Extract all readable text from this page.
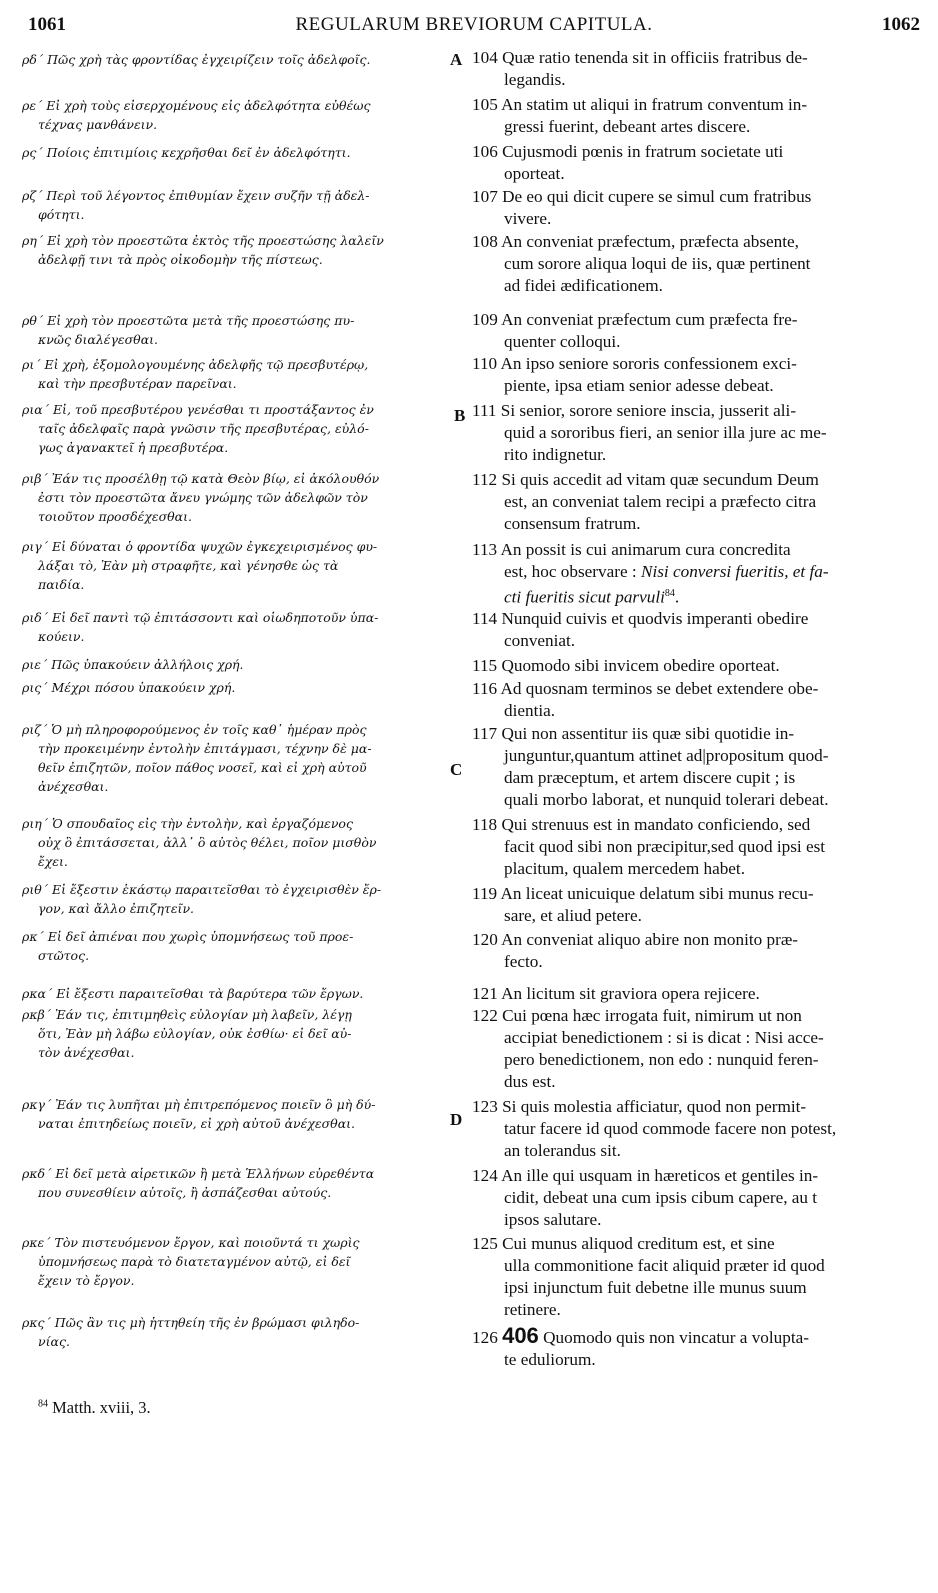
1061	REGULARUM BREVIORUM CAPITULA.	1062
ρδ´ Πῶς χρὴ τὰς φροντίδας ἐγχειρίζειν τοῖς ἀδελφοῖς.
ρε´ Εἰ χρὴ τοὺς εἰσερχομένους εἰς ἀδελφότητα εὐθέως
τέχνας μανθάνειν.
ρς´ Ποίοις ἐπιτιμίοις κεχρῆσθαι δεῖ ἐν ἀδελφότητι.
ρζ´ Περὶ τοῦ λέγοντος ἐπιθυμίαν ἔχειν συζῆν τῇ ἀδελ-
φότητι.
ρη´ Εἰ χρὴ τὸν προεστῶτα ἐκτὸς τῆς προεστώσης λαλεῖν
ἀδελφῇ τινι τὰ πρὸς οἰκοδομὴν τῆς πίστεως.
ρθ´ Εἰ χρὴ τὸν προεστῶτα μετὰ τῆς προεστώσης πυ-
κνῶς διαλέγεσθαι.
ρι´ Εἰ χρὴ, ἐξομολογουμένης ἀδελφῆς τῷ πρεσβυτέρῳ,
καὶ τὴν πρεσβυτέραν παρεῖναι.
ρια´ Εἰ, τοῦ πρεσβυτέρου γενέσθαι τι προστάξαντος ἐν
ταῖς ἀδελφαῖς παρὰ γνῶσιν τῆς πρεσβυτέρας, εὐλό-
γως ἀγανακτεῖ ἡ πρεσβυτέρα.
ριβ´ Ἐάν τις προσέλθῃ τῷ κατὰ Θεὸν βίῳ, εἰ ἀκόλουθόν
ἐστι τὸν προεστῶτα ἄνευ γνώμης τῶν ἀδελφῶν τὸν
τοιοῦτον προσδέχεσθαι.
ριγ´ Εἰ δύναται ὁ φροντίδα ψυχῶν ἐγκεχειρισμένος φυ-
λάξαι τὸ, Ἐὰν μὴ στραφῆτε, καὶ γένησθε ὡς τὰ
παιδία.
ριδ´ Εἰ δεῖ παντὶ τῷ ἐπιτάσσοντι καὶ οἱωδηποτοῦν ὑπα-
κούειν.
ριε´ Πῶς ὑπακούειν ἀλλήλοις χρή.
ρις´ Μέχρι πόσου ὑπακούειν χρή.
ριζ´ Ὁ μὴ πληροφορούμενος ἐν τοῖς καθ᾽ ἡμέραν πρὸς
τὴν προκειμένην ἐντολὴν ἐπιτάγμασι, τέχνην δὲ μα-
θεῖν ἐπιζητῶν, ποῖον πάθος νοσεῖ, καὶ εἰ χρὴ αὐτοῦ
ἀνέχεσθαι.
ριη´ Ὁ σπουδαῖος εἰς τὴν ἐντολὴν, καὶ ἐργαζόμενος
οὐχ ὃ ἐπιτάσσεται, ἀλλ᾽ ὃ αὐτὸς θέλει, ποῖον μισθὸν
ἔχει.
ριθ´ Εἰ ἔξεστιν ἑκάστῳ παραιτεῖσθαι τὸ ἐγχειρισθὲν ἔρ-
γον, καὶ ἄλλο ἐπιζητεῖν.
ρκ´ Εἰ δεῖ ἀπιέναι που χωρὶς ὑπομνήσεως τοῦ προε-
στῶτος.
ρκα´ Εἰ ἔξεστι παραιτεῖσθαι τὰ βαρύτερα τῶν ἔργων.
ρκβ´ Ἐάν τις, ἐπιτιμηθεὶς εὐλογίαν μὴ λαβεῖν, λέγῃ
ὅτι, Ἐὰν μὴ λάβω εὐλογίαν, οὐκ ἐσθίω· εἰ δεῖ αὐ-
τὸν ἀνέχεσθαι.
ρκγ´ Ἐάν τις λυπῆται μὴ ἐπιτρεπόμενος ποιεῖν ὃ μὴ δύ-
ναται ἐπιτηδείως ποιεῖν, εἰ χρὴ αὐτοῦ ἀνέχεσθαι.
ρκδ´ Εἰ δεῖ μετὰ αἱρετικῶν ἢ μετὰ Ἑλλήνων εὑρεθέντα
που συνεσθίειν αὐτοῖς, ἢ ἀσπάζεσθαι αὐτούς.
ρκε´ Τὸν πιστευόμενον ἔργον, καὶ ποιοῦντά τι χωρὶς
ὑπομνήσεως παρὰ τὸ διατεταγμένον αὐτῷ, εἰ δεῖ
ἔχειν τὸ ἔργον.
ρκς´ Πῶς ἂν τις μὴ ἡττηθείη τῆς ἐν βρώμασι φιληδο-
νίας.
A
B
C
D
104 Quæ ratio tenenda sit in officiis fratribus de-
legandis.
105 An statim ut aliqui in fratrum conventum in-
gressi fuerint, debeant artes discere.
106 Cujusmodi pœnis in fratrum societate uti
oporteat.
107 De eo qui dicit cupere se simul cum fratribus
vivere.
108 An conveniat præfectum, præfecta absente,
cum sorore aliqua loqui de iis, quæ pertinent
ad fidei ædificationem.
109 An conveniat præfectum cum præfecta fre-
quenter colloqui.
110 An ipso seniore sororis confessionem exci-
piente, ipsa etiam senior adesse debeat.
111 Si senior, sorore seniore inscia, jusserit ali-
quid a sororibus fieri, an senior illa jure ac me-
rito indignetur.
112 Si quis accedit ad vitam quæ secundum Deum
est, an conveniat talem recipi a præfecto citra
consensum fratrum.
113 An possit is cui animarum cura concredita
est, hoc observare : Nisi conversi fueritis, et fa-
cti fueritis sicut parvuli$^{84}$.
114 Nunquid cuivis et quodvis imperanti obedire
conveniat.
115 Quomodo sibi invicem obedire oporteat.
116 Ad quosnam terminos se debet extendere obe-
dientia.
117 Qui non assentitur iis quæ sibi quotidie in-
junguntur,quantum attinet ad|propositum quod-
dam præceptum, et artem discere cupit ; is
quali morbo laborat, et nunquid tolerari debeat.
118 Qui strenuus est in mandato conficiendo, sed
facit quod sibi non præcipitur,sed quod ipsi est
placitum, qualem mercedem habet.
119 An liceat unicuique delatum sibi munus recu-
sare, et aliud petere.
120 An conveniat aliquo abire non monito præ-
fecto.
121 An licitum sit graviora opera rejicere.
122 Cui pœna hæc irrogata fuit, nimirum ut non
accipiat benedictionem : si is dicat : Nisi acce-
pero benedictionem, non edo : nunquid feren-
dus est.
123 Si quis molestia afficiatur, quod non permit-
tatur facere id quod commode facere non potest,
an tolerandus sit.
124 An ille qui usquam in hæreticos et gentiles in-
cidit, debeat una cum ipsis cibum capere, au t
ipsos salutare.
125 Cui munus aliquod creditum est, et sine
ulla commonitione facit aliquid præter id quod
ipsi injunctum fuit debetne ille munus suum
retinere.
126 406 Quomodo quis non vincatur a volupta-
te eduliorum.
$^{84}$ Matth. xviii, 3.
